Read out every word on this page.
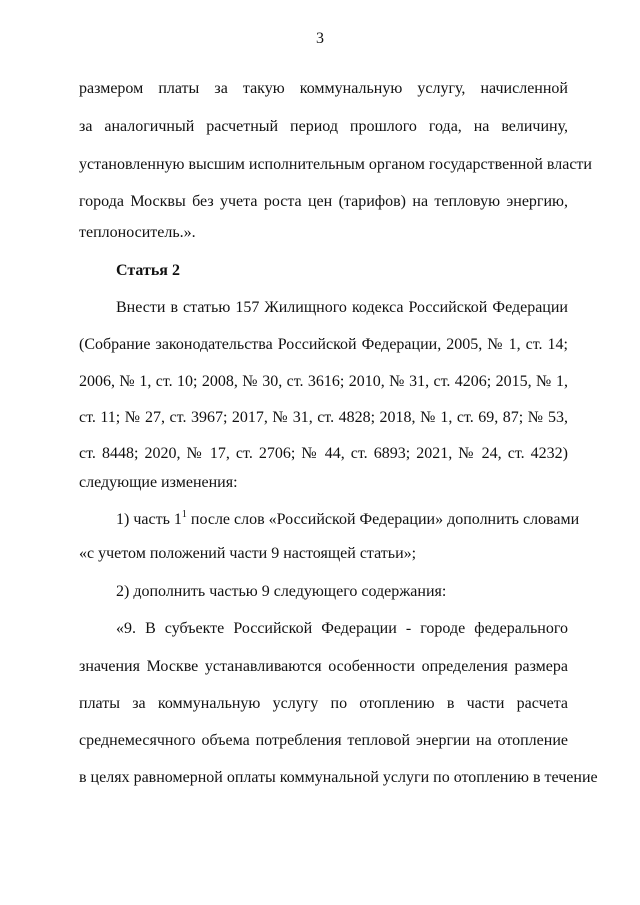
3
размером платы за такую коммунальную услугу, начисленной
за аналогичный расчетный период прошлого года, на величину,
установленную высшим исполнительным органом государственной власти
города Москвы без учета роста цен (тарифов) на тепловую энергию,
теплоноситель.».
Статья 2
Внести в статью 157 Жилищного кодекса Российской Федерации
(Собрание законодательства Российской Федерации, 2005, № 1, ст. 14;
2006, № 1, ст. 10; 2008, № 30, ст. 3616; 2010, № 31, ст. 4206; 2015, № 1,
ст. 11; № 27, ст. 3967; 2017, № 31, ст. 4828; 2018, № 1, ст. 69, 87; № 53,
ст. 8448; 2020, № 17, ст. 2706; № 44, ст. 6893; 2021, № 24, ст. 4232)
следующие изменения:
1) часть $1^1$ после слов «Российской Федерации» дополнить словами
«с учетом положений части 9 настоящей статьи»;
2) дополнить частью 9 следующего содержания:
«9. В субъекте Российской Федерации - городе федерального
значения Москве устанавливаются особенности определения размера
платы за коммунальную услугу по отоплению в части расчета
среднемесячного объема потребления тепловой энергии на отопление
в целях равномерной оплаты коммунальной услуги по отоплению в течение
